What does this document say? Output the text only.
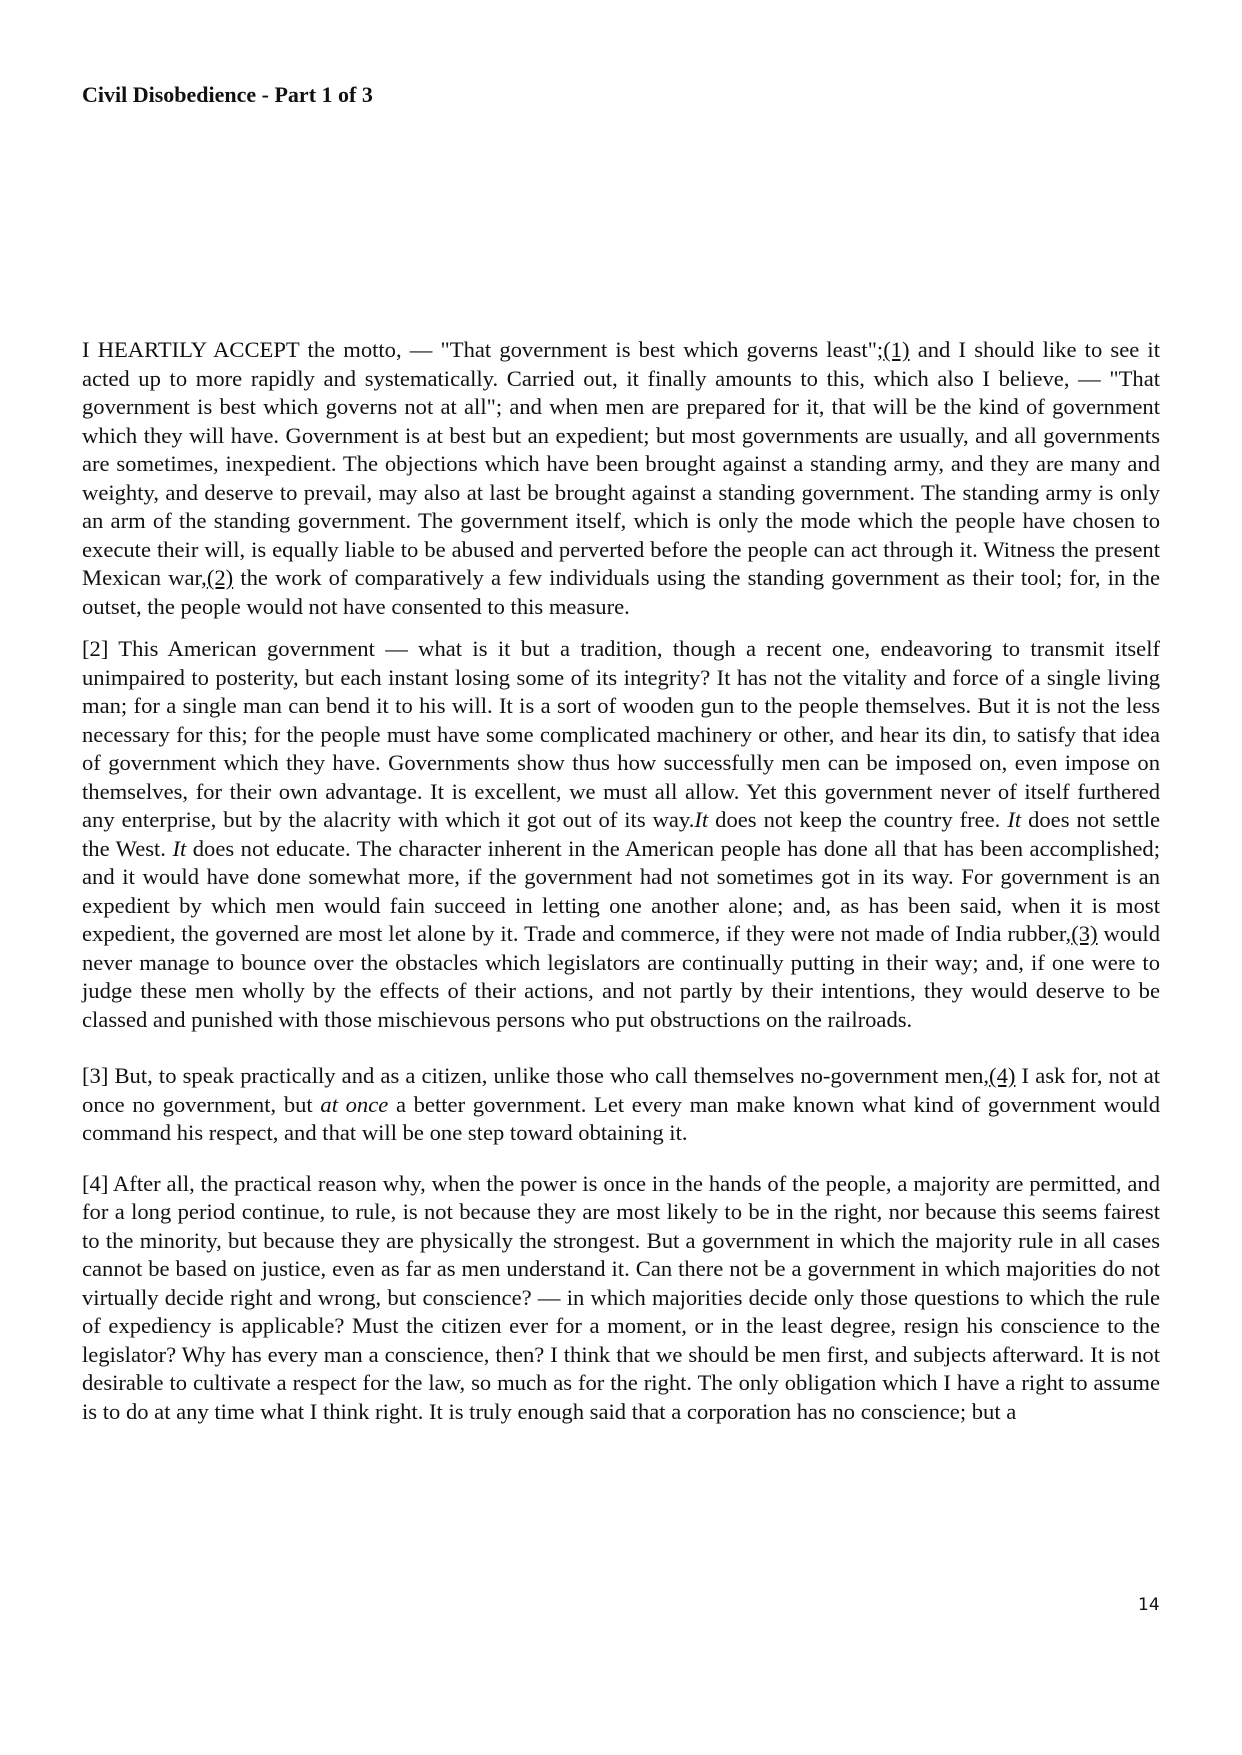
Civil Disobedience - Part 1 of 3

I HEARTILY ACCEPT the motto, — "That government is best which governs least";(1) and I should like to see it acted up to more rapidly and systematically. Carried out, it finally amounts to this, which also I believe, — "That government is best which governs not at all"; and when men are prepared for it, that will be the kind of government which they will have. Government is at best but an expedient; but most governments are usually, and all governments are sometimes, inexpedient. The objections which have been brought against a standing army, and they are many and weighty, and deserve to prevail, may also at last be brought against a standing government. The standing army is only an arm of the standing government. The government itself, which is only the mode which the people have chosen to execute their will, is equally liable to be abused and perverted before the people can act through it. Witness the present Mexican war,(2) the work of comparatively a few individuals using the standing government as their tool; for, in the outset, the people would not have consented to this measure.

[2] This American government — what is it but a tradition, though a recent one, endeavoring to transmit itself unimpaired to posterity, but each instant losing some of its integrity? It has not the vitality and force of a single living man; for a single man can bend it to his will. It is a sort of wooden gun to the people themselves. But it is not the less necessary for this; for the people must have some complicated machinery or other, and hear its din, to satisfy that idea of government which they have. Governments show thus how successfully men can be imposed on, even impose on themselves, for their own advantage. It is excellent, we must all allow. Yet this government never of itself furthered any enterprise, but by the alacrity with which it got out of its way.It does not keep the country free. It does not settle the West. It does not educate. The character inherent in the American people has done all that has been accomplished; and it would have done somewhat more, if the government had not sometimes got in its way. For government is an expedient by which men would fain succeed in letting one another alone; and, as has been said, when it is most expedient, the governed are most let alone by it. Trade and commerce, if they were not made of India rubber,(3) would never manage to bounce over the obstacles which legislators are continually putting in their way; and, if one were to judge these men wholly by the effects of their actions, and not partly by their intentions, they would deserve to be classed and punished with those mischievous persons who put obstructions on the railroads.

[3] But, to speak practically and as a citizen, unlike those who call themselves no-government men,(4) I ask for, not at once no government, but at once a better government. Let every man make known what kind of government would command his respect, and that will be one step toward obtaining it.

[4] After all, the practical reason why, when the power is once in the hands of the people, a majority are permitted, and for a long period continue, to rule, is not because they are most likely to be in the right, nor because this seems fairest to the minority, but because they are physically the strongest. But a government in which the majority rule in all cases cannot be based on justice, even as far as men understand it. Can there not be a government in which majorities do not virtually decide right and wrong, but conscience? — in which majorities decide only those questions to which the rule of expediency is applicable? Must the citizen ever for a moment, or in the least degree, resign his conscience to the legislator? Why has every man a conscience, then? I think that we should be men first, and subjects afterward. It is not desirable to cultivate a respect for the law, so much as for the right. The only obligation which I have a right to assume is to do at any time what I think right. It is truly enough said that a corporation has no conscience; but a

14
